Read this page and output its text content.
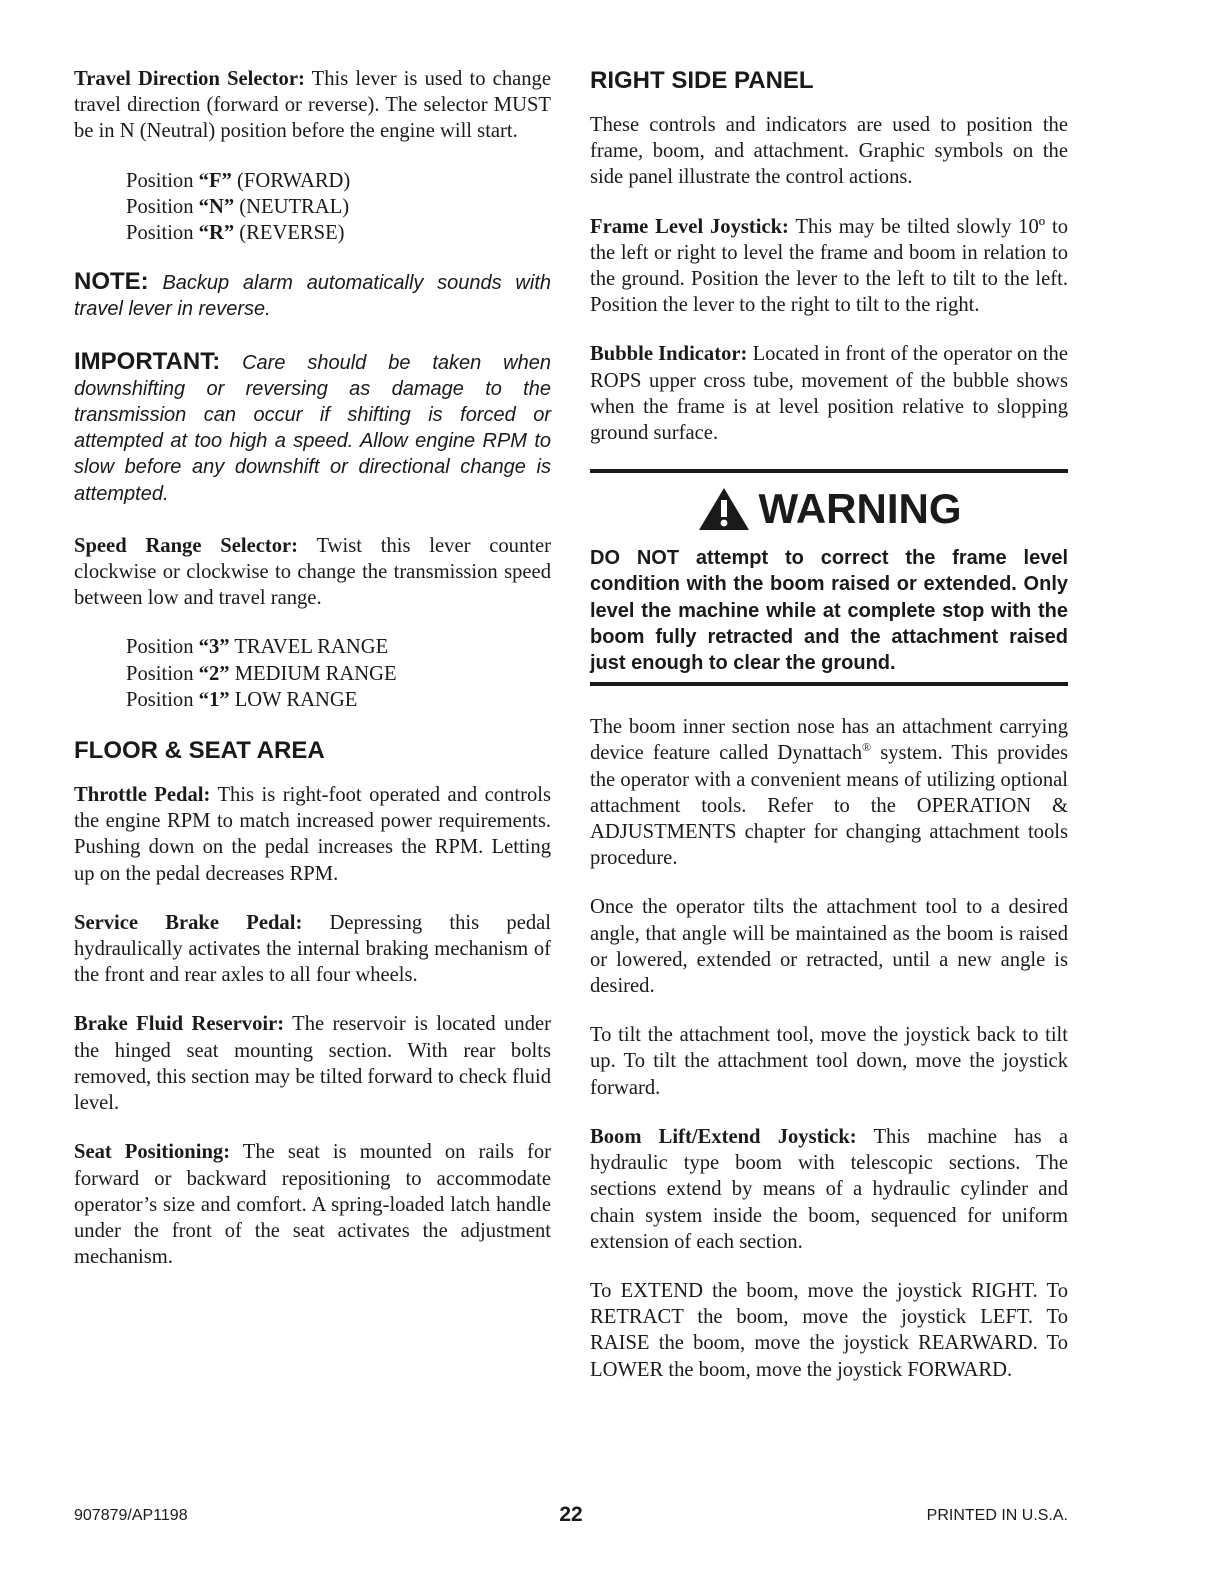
Travel Direction Selector: This lever is used to change travel direction (forward or reverse). The selector MUST be in N (Neutral) position before the engine will start.

Position “F” (FORWARD)

Position “N” (NEUTRAL)

Position “R” (REVERSE)

NOTE: Backup alarm automatically sounds with travel lever in reverse.
IMPORTANT: Care should be taken when downshifting or reversing as damage to the transmission can occur if shifting is forced or attempted at too high a speed. Allow engine RPM to slow before any downshift or directional change is attempted.

Speed Range Selector: Twist this lever counter clockwise or clockwise to change the transmission speed between low and travel range.

Position “3” TRAVEL RANGE

Position “2” MEDIUM RANGE

Position “1” LOW RANGE

FLOOR & SEAT AREA

Throttle Pedal: This is right-foot operated and controls the engine RPM to match increased power requirements. Pushing down on the pedal increases the RPM. Letting up on the pedal decreases RPM.

Service Brake Pedal: Depressing this pedal hydraulically activates the internal braking mechanism of the front and rear axles to all four wheels.

Brake Fluid Reservoir: The reservoir is located under the hinged seat mounting section. With rear bolts removed, this section may be tilted forward to check fluid level.

Seat Positioning: The seat is mounted on rails for forward or backward repositioning to accommodate operator’s size and comfort. A spring-loaded latch handle under the front of the seat activates the adjustment mechanism.

RIGHT SIDE PANEL

These controls and indicators are used to position the frame, boom, and attachment. Graphic symbols on the side panel illustrate the control actions.

Frame Level Joystick: This may be tilted slowly 10º to the left or right to level the frame and boom in relation to the ground. Position the lever to the left to tilt to the left. Position the lever to the right to tilt to the right.

Bubble Indicator: Located in front of the operator on the ROPS upper cross tube, movement of the bubble shows when the frame is at level position relative to slopping ground surface.

WARNING
DO NOT attempt to correct the frame level condition with the boom raised or extended. Only level the machine while at complete stop with the boom fully retracted and the attachment raised just enough to clear the ground.

The boom inner section nose has an attachment carrying device feature called Dynattach® system. This provides the operator with a convenient means of utilizing optional attachment tools. Refer to the OPERATION & ADJUSTMENTS chapter for changing attachment tools procedure.

Once the operator tilts the attachment tool to a desired angle, that angle will be maintained as the boom is raised or lowered, extended or retracted, until a new angle is desired.

To tilt the attachment tool, move the joystick back to tilt up. To tilt the attachment tool down, move the joystick forward.

Boom Lift/Extend Joystick: This machine has a hydraulic type boom with telescopic sections. The sections extend by means of a hydraulic cylinder and chain system inside the boom, sequenced for uniform extension of each section.

To EXTEND the boom, move the joystick RIGHT. To RETRACT the boom, move the joystick LEFT. To RAISE the boom, move the joystick REARWARD. To LOWER the boom, move the joystick FORWARD.

907879/AP1198	22	PRINTED IN U.S.A.
